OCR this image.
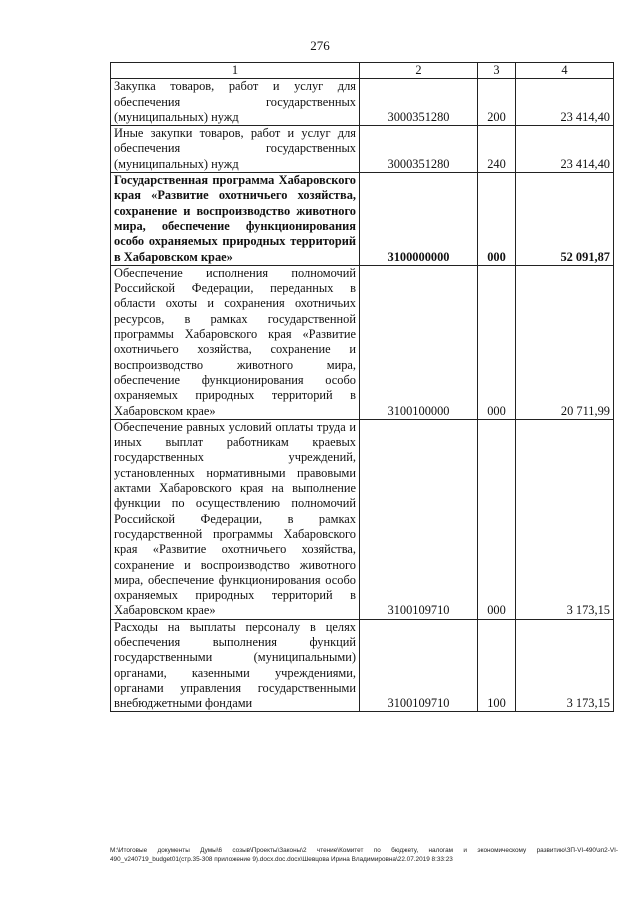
276
1	2	3	4
Закупка товаров, работ и услуг для обеспечения государственных (муниципальных) нужд	3000351280	200	23 414,40
Иные закупки товаров, работ и услуг для обеспечения государственных (муниципальных) нужд	3000351280	240	23 414,40
Государственная программа Хабаровского края «Развитие охотничьего хозяйства, сохранение и воспроизводство животного мира, обеспечение функционирования особо охраняемых природных территорий в Хабаровском крае»	3100000000	000	52 091,87
Обеспечение исполнения полномочий Российской Федерации, переданных в области охоты и сохранения охотничьих ресурсов, в рамках государственной программы Хабаровского края «Развитие охотничьего хозяйства, сохранение и воспроизводство животного мира, обеспечение функционирования особо охраняемых природных территорий в Хабаровском крае»	3100100000	000	20 711,99
Обеспечение равных условий оплаты труда и иных выплат работникам краевых государственных учреждений, установленных нормативными правовыми актами Хабаровского края на выполнение функции по осуществлению полномочий Российской Федерации, в рамках государственной программы Хабаровского края «Развитие охотничьего хозяйства, сохранение и воспроизводство животного мира, обеспечение функционирования особо охраняемых природных территорий в Хабаровском крае»	3100109710	000	3 173,15
Расходы на выплаты персоналу в целях обеспечения выполнения функций государственными (муниципальными) органами, казенными учреждениями, органами управления государственными внебюджетными фондами	3100109710	100	3 173,15
M:\Итоговые документы Думы\6 созыв\Проекты\Законы\2 чтение\Комитет по бюджету, налогам и экономическому развитию\ЗП-VI-490\зп2-VI-490_v240719_budget01(стр.35-308 приложение 9).docx.doc.docx\Шевцова Ирина Владимировна\22.07.2019 8:33:23
